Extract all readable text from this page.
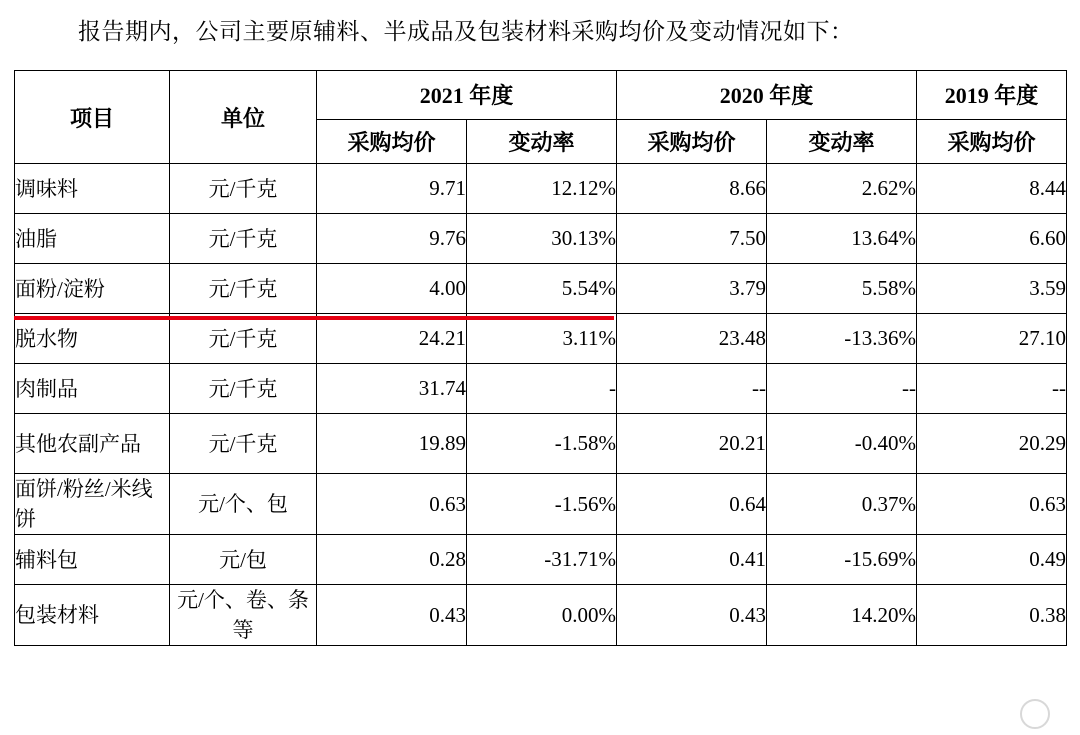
报告期内，公司主要原辅料、半成品及包装材料采购均价及变动情况如下：

项目	单位	2021 年度		2020 年度		2019 年度
		采购均价	变动率	采购均价	变动率	采购均价
调味料	元/千克	9.71	12.12%	8.66	2.62%	8.44
油脂	元/千克	9.76	30.13%	7.50	13.64%	6.60
面粉/淀粉	元/千克	4.00	5.54%	3.79	5.58%	3.59
脱水物	元/千克	24.21	3.11%	23.48	-13.36%	27.10
肉制品	元/千克	31.74	-	--	--	--
其他农副产品	元/千克	19.89	-1.58%	20.21	-0.40%	20.29
面饼/粉丝/米线饼	元/个、包	0.63	-1.56%	0.64	0.37%	0.63
辅料包	元/包	0.28	-31.71%	0.41	-15.69%	0.49
包装材料	元/个、卷、条等	0.43	0.00%	0.43	14.20%	0.38
